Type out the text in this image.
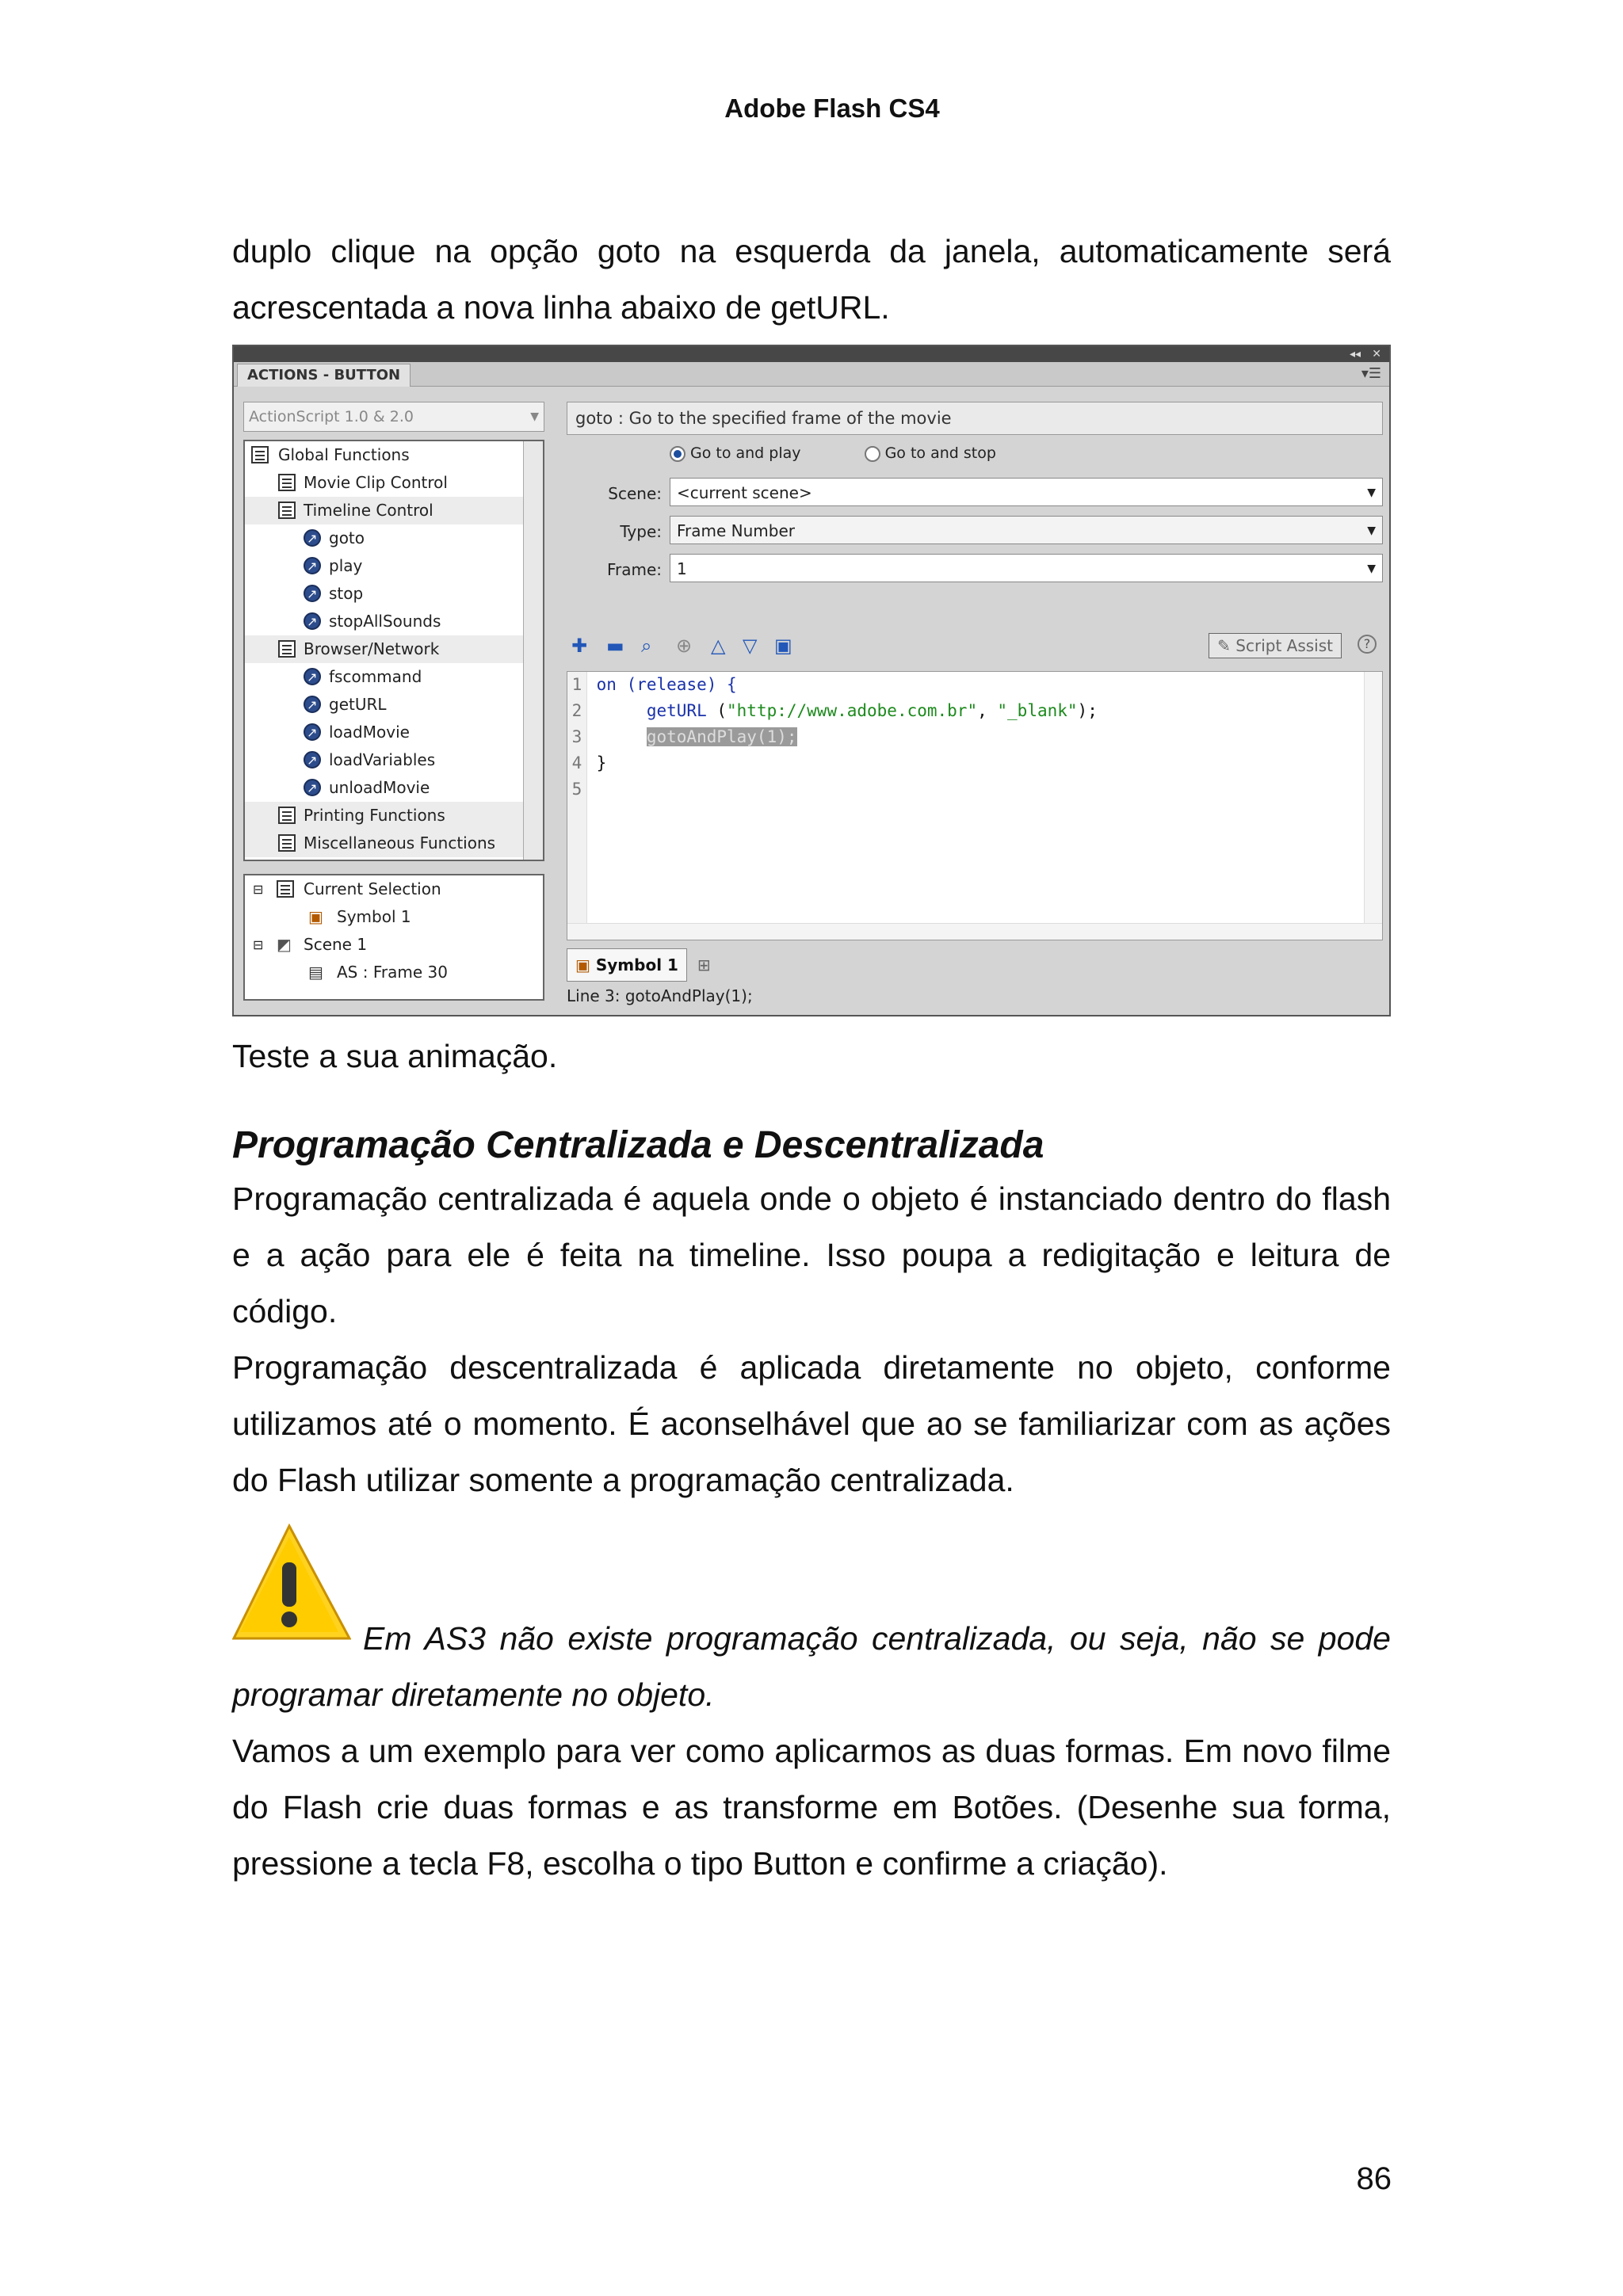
Adobe Flash CS4
duplo clique na opção goto na esquerda da janela, automaticamente será acrescentada a nova linha abaixo de getURL.
◂◂ ✕
ACTIONS - BUTTON	▾☰
ActionScript 1.0 & 2.0	▼
Global Functions
Movie Clip Control
Timeline Control
↗
goto
↗
play
↗
stop
↗
stopAllSounds
Browser/Network
↗
fscommand
↗
getURL
↗
loadMovie
↗
loadVariables
↗
unloadMovie
Printing Functions
Miscellaneous Functions
⊟	Current Selection
▣ Symbol 1
⊟ ◩ Scene 1
▤ AS : Frame 30
goto : Go to the specified frame of the movie
Go to and play	Go to and stop
Scene: <current scene>	▼
Type: Frame Number	▼
Frame: 1	▼
✚ ▬ ⌕ ⊕ △ ▽ ▣	✎ Script Assist	?
1 on (release) {
2	getURL ("http://www.adobe.com.br", "_blank");
3	gotoAndPlay(1);
4 }
5
▣ Symbol 1 ⊞
Line 3: gotoAndPlay(1);
Teste a sua animação.
Programação Centralizada e Descentralizada
Programação centralizada é aquela onde o objeto é instanciado dentro do flash e a ação para ele é feita na timeline. Isso poupa a redigitação e leitura de código.
Programação descentralizada é aplicada diretamente no objeto, conforme utilizamos até o momento. É aconselhável que ao se familiarizar com as ações do Flash utilizar somente a programação centralizada.
Em AS3 não existe programação centralizada, ou seja, não se pode programar diretamente no objeto.
Vamos a um exemplo para ver como aplicarmos as duas formas. Em novo filme do Flash crie duas formas e as transforme em Botões. (Desenhe sua forma, pressione a tecla F8, escolha o tipo Button e confirme a criação).
86
